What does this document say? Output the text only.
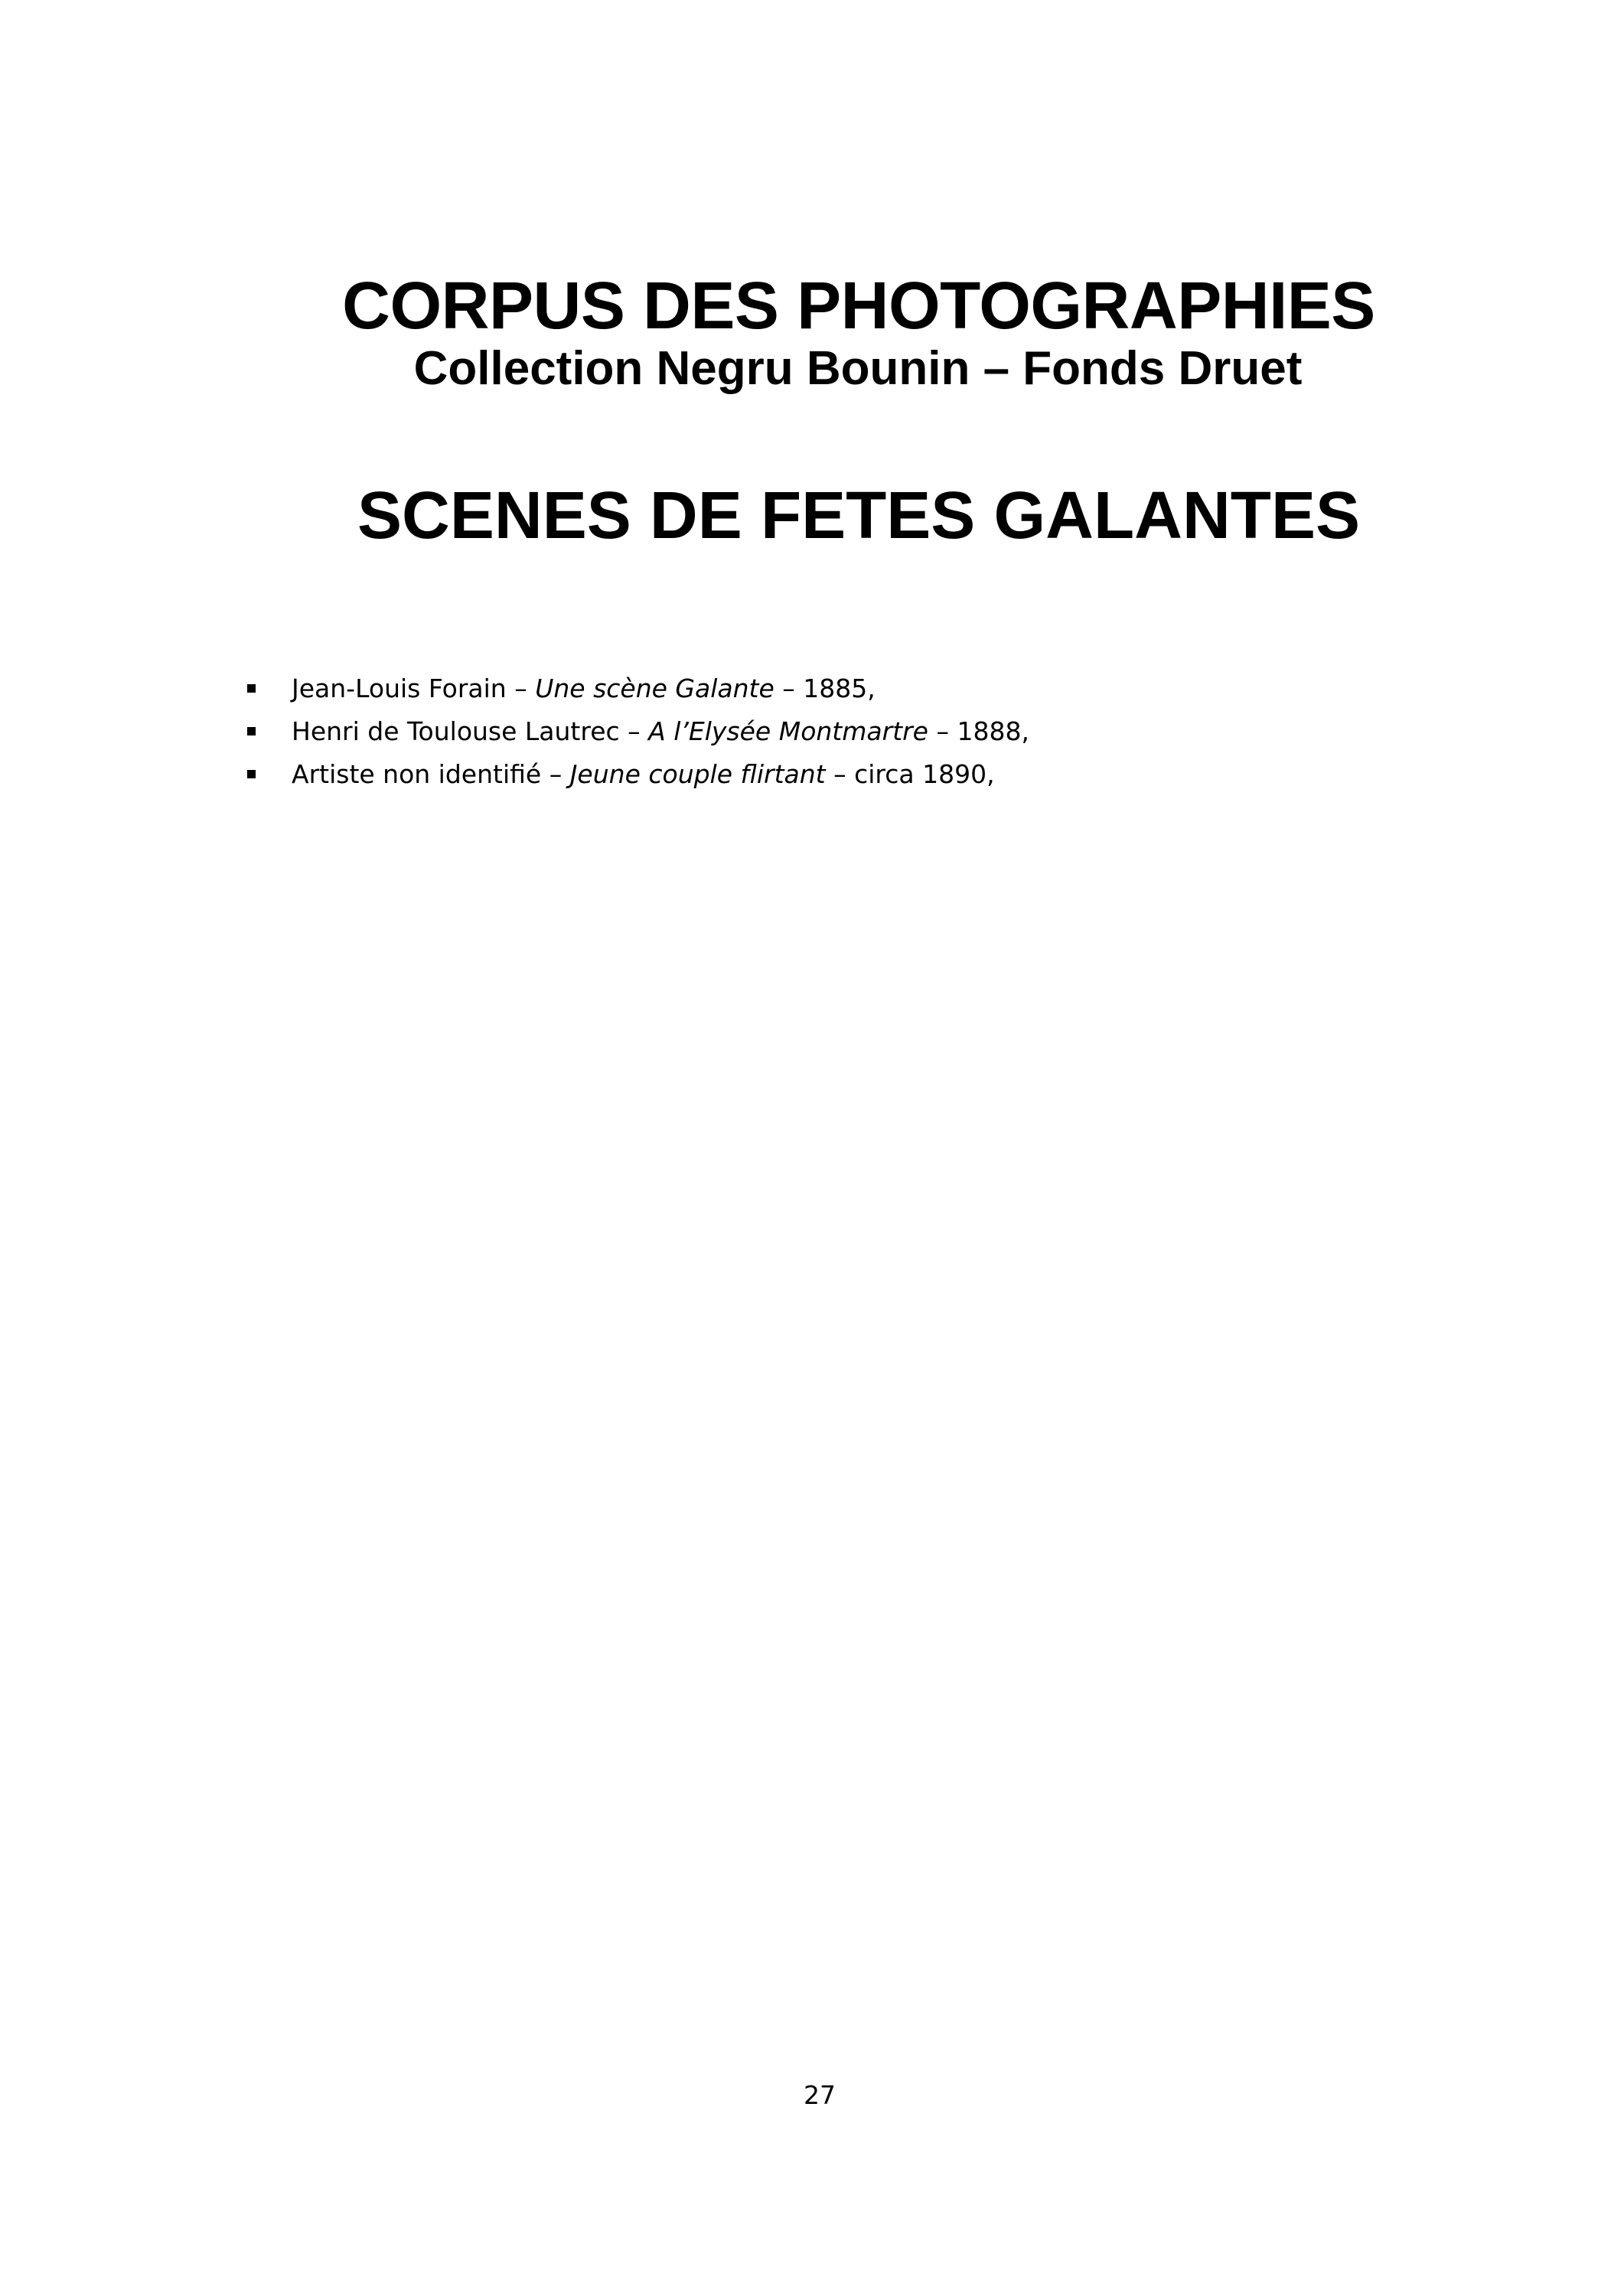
CORPUS DES PHOTOGRAPHIES
Collection Negru Bounin – Fonds Druet
SCENES DE FETES GALANTES
Jean-Louis Forain – Une scène Galante – 1885,
Henri de Toulouse Lautrec – A l’Elysée Montmartre – 1888,
Artiste non identifié – Jeune couple flirtant – circa 1890,
27
